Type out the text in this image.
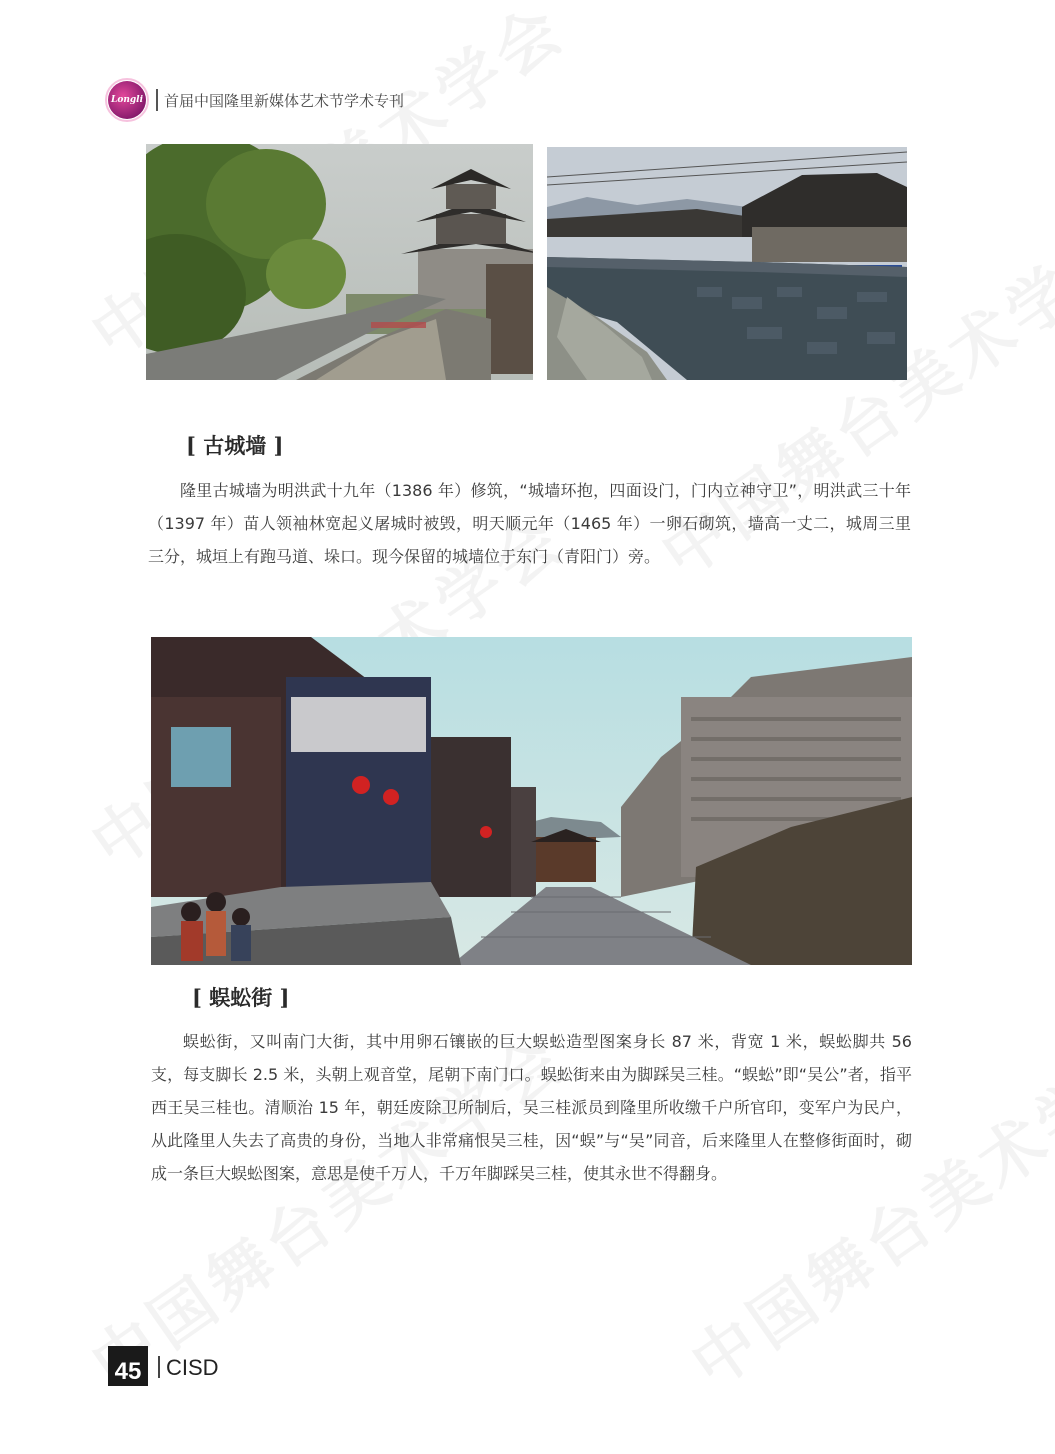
Longli 首届中国隆里新媒体艺术节学术专刊
[ 古城墙 ]

隆里古城墙为明洪武十九年（1386 年）修筑，“城墙环抱，四面设门，门内立神守卫”，明洪武三十年（1397 年）苗人领袖林宽起义屠城时被毁，明天顺元年（1465 年）一卵石砌筑，墙高一丈二，城周三里三分，城垣上有跑马道、垛口。现今保留的城墙位于东门（青阳门）旁。

[ 蜈蚣街 ]

蜈蚣街，又叫南门大街，其中用卵石镶嵌的巨大蜈蚣造型图案身长 87 米，背宽 1 米，蜈蚣脚共 56 支，每支脚长 2.5 米，头朝上观音堂，尾朝下南门口。蜈蚣街来由为脚踩吴三桂。“蜈蚣”即“吴公”者，指平西王吴三桂也。清顺治 15 年，朝廷废除卫所制后，吴三桂派员到隆里所收缴千户所官印，变军户为民户，从此隆里人失去了高贵的身份，当地人非常痛恨吴三桂，因“蜈”与“吴”同音，后来隆里人在整修街面时，砌成一条巨大蜈蚣图案，意思是使千万人，千万年脚踩吴三桂，使其永世不得翻身。

45	CISD
